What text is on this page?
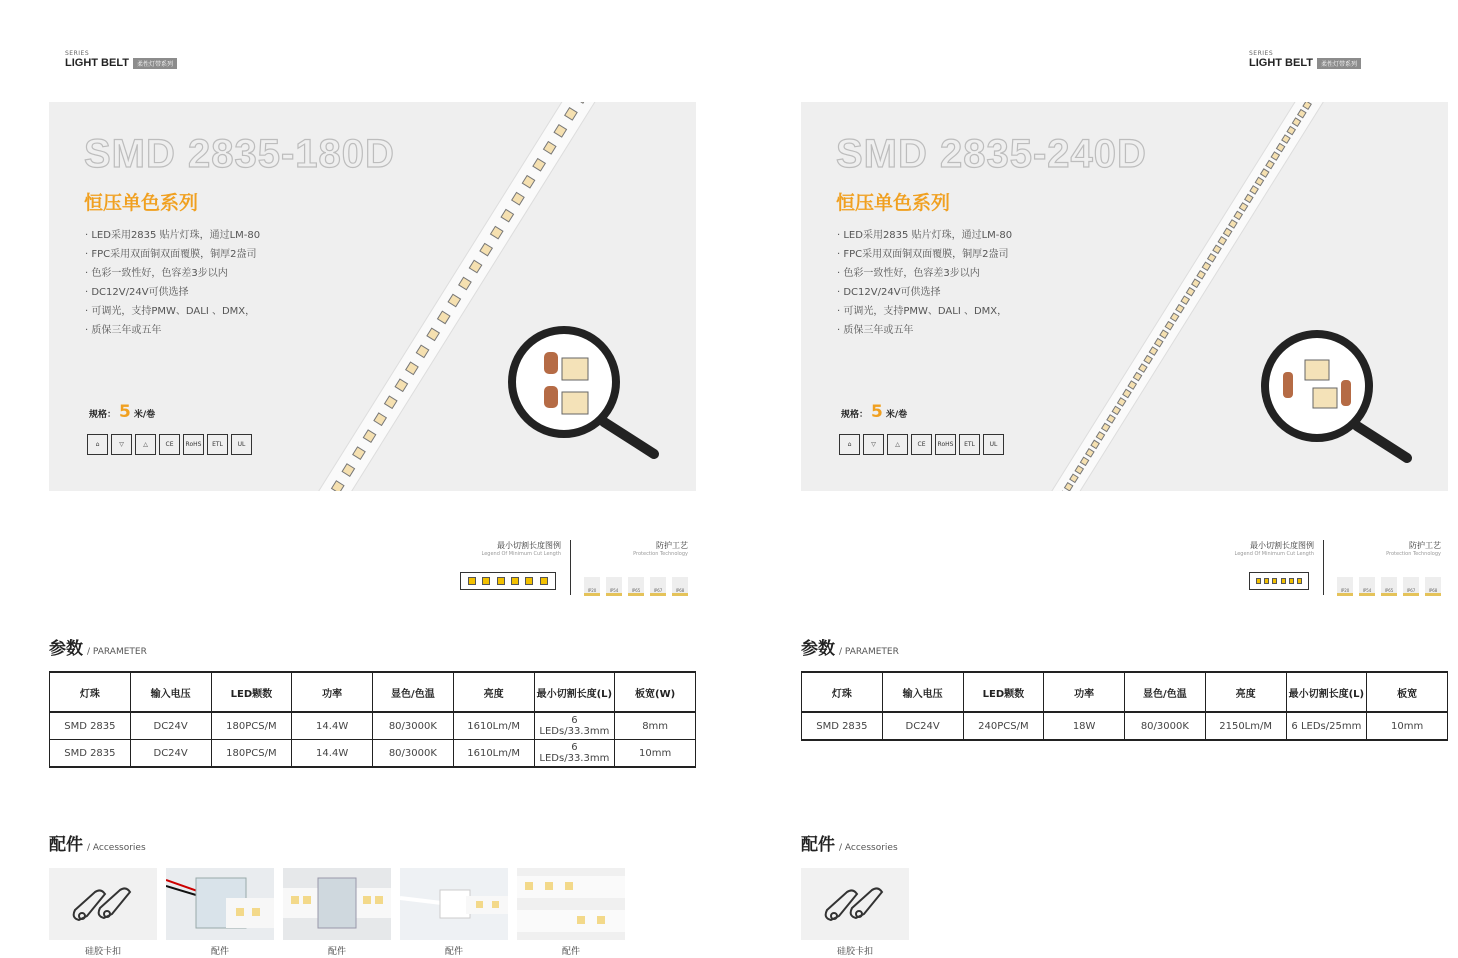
SERIES
LIGHT BELT	柔性灯带系列
SMD 2835-180D
恒压单色系列
· LED采用2835 贴片灯珠，通过LM-80
· FPC采用双面铜双面覆膜，铜厚2盎司
· 色彩一致性好，色容差3步以内
· DC12V/24V可供选择
· 可调光，支持PMW、DALI 、DMX，
· 质保三年或五年
规格： 5 米/卷
⌂	▽	△	CE	RoHS	ETL	UL
最小切割长度图例
Legend Of Minimum Cut Length
防护工艺
Protection Technology
IP20	IP54	IP65	IP67	IP68
参数 / PARAMETER
灯珠	输入电压	LED颗数	功率	显色/色温	亮度	最小切割长度(L)	板宽(W)
SMD 2835	DC24V	180PCS/M	14.4W	80/3000K	1610Lm/M	6 LEDs/33.3mm	8mm
SMD 2835	DC24V	180PCS/M	14.4W	80/3000K	1610Lm/M	6 LEDs/33.3mm	10mm
配件 / Accessories
硅胶卡扣	配件	配件	配件	配件
SERIES
LIGHT BELT	柔性灯带系列
SMD 2835-240D
恒压单色系列
· LED采用2835 贴片灯珠，通过LM-80
· FPC采用双面铜双面覆膜，铜厚2盎司
· 色彩一致性好，色容差3步以内
· DC12V/24V可供选择
· 可调光，支持PMW、DALI 、DMX，
· 质保三年或五年
规格： 5 米/卷
⌂	▽	△	CE	RoHS	ETL	UL
最小切割长度图例
Legend Of Minimum Cut Length
防护工艺
Protection Technology
IP20	IP54	IP65	IP67	IP68
参数 / PARAMETER
灯珠	输入电压	LED颗数	功率	显色/色温	亮度	最小切割长度(L)	板宽
SMD 2835	DC24V	240PCS/M	18W	80/3000K	2150Lm/M	6 LEDs/25mm	10mm
配件 / Accessories
硅胶卡扣
